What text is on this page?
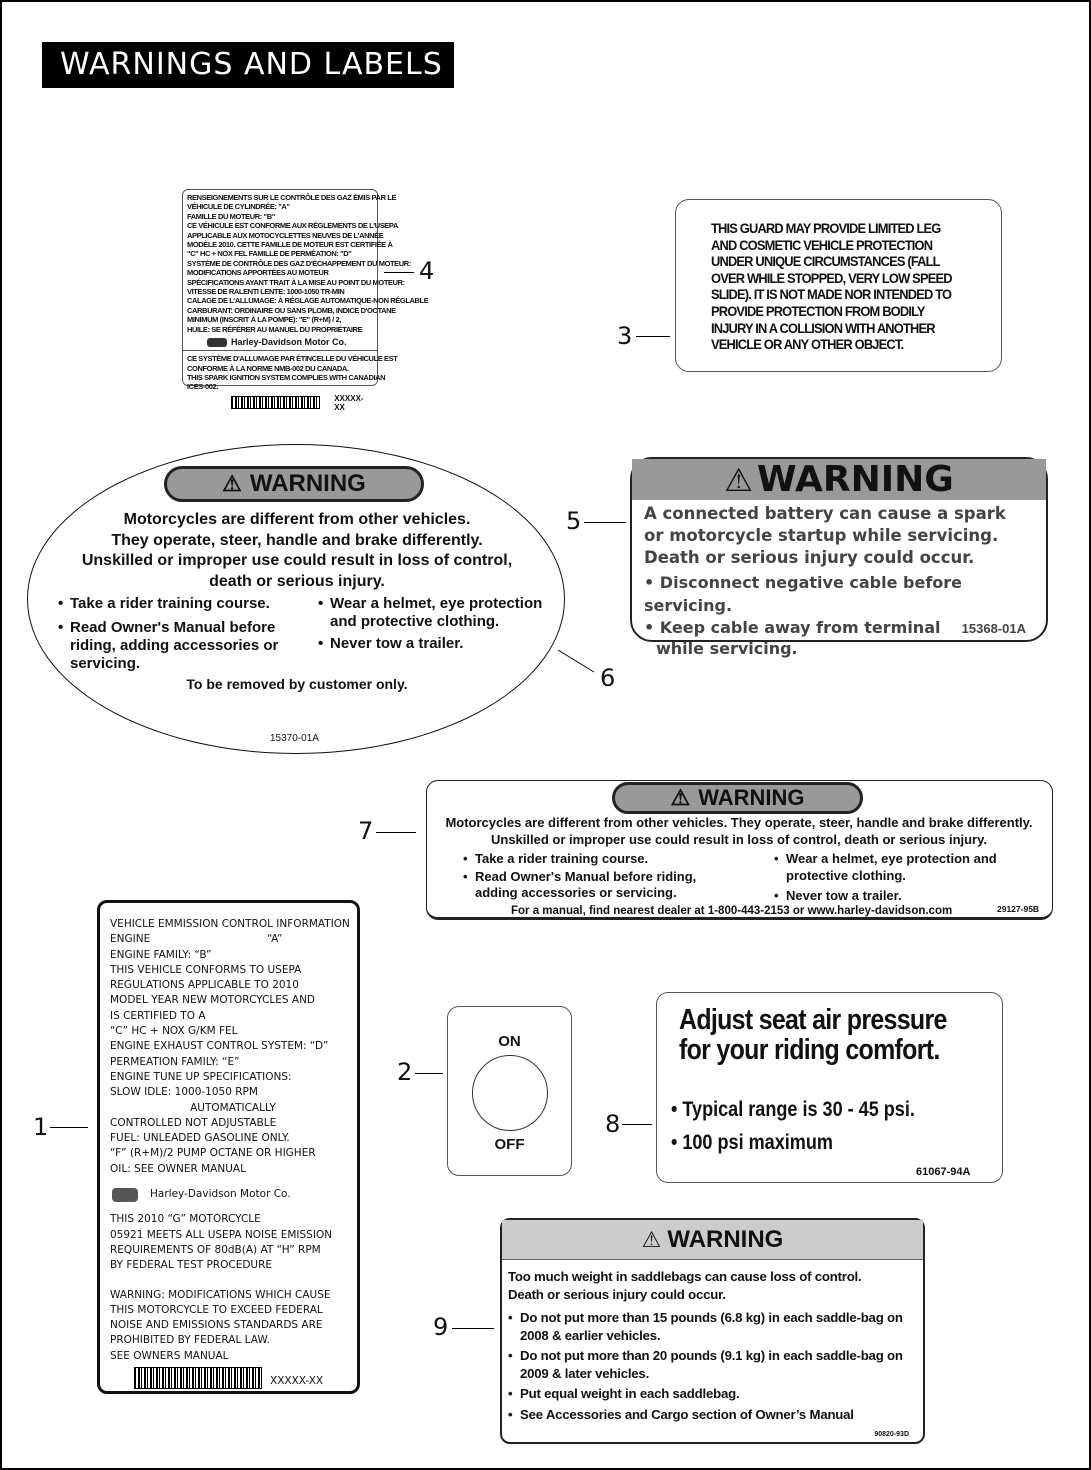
WARNINGS AND LABELS
1
2
3
4
5
6
7
8
9
RENSEIGNEMENTS SUR LE CONTRÔLE DES GAZ ÉMIS PAR LE
VÉHICULE DE CYLINDRÉE: "A"
FAMILLE DU MOTEUR: "B"
CE VÉHICULE EST CONFORME AUX RÈGLEMENTS DE L'USEPA
APPLICABLE AUX MOTOCYCLETTES NEUVES DE L'ANNÉE
MODÈLE 2010. CETTE FAMILLE DE MOTEUR EST CERTIFIÉE À
"C" HC + NOX FEL FAMILLE DE PERMÉATION: "D"
SYSTÈME DE CONTRÔLE DES GAZ D'ÉCHAPPEMENT DU MOTEUR:
MODIFICATIONS APPORTÉES AU MOTEUR
SPÉCIFICATIONS AYANT TRAIT À LA MISE AU POINT DU MOTEUR:
VITESSE DE RALENTI LENTE: 1000-1050 TR-MIN
CALAGE DE L'ALLUMAGE: À RÉGLAGE AUTOMATIQUE-NON RÉGLABLE
CARBURANT: ORDINAIRE OU SANS PLOMB, INDICE D'OCTANE
MINIMUM (INSCRIT À LA POMPE): "E" (R+M) / 2,
HUILE: SE RÉFÉRER AU MANUEL DU PROPRIÉTAIRE
Harley-Davidson Motor Co.
CE SYSTÈME D'ALLUMAGE PAR ÉTINCELLE DU VÉHICULE EST
CONFORME À LA NORME NMB-002 DU CANADA.
THIS SPARK IGNITION SYSTEM COMPLIES WITH CANADIAN
ICES-002.
XXXXX-XX
THIS GUARD MAY PROVIDE LIMITED LEG AND COSMETIC VEHICLE PROTECTION UNDER UNIQUE CIRCUMSTANCES (FALL OVER WHILE STOPPED, VERY LOW SPEED SLIDE). IT IS NOT MADE NOR INTENDED TO PROVIDE PROTECTION FROM BODILY INJURY IN A COLLISION WITH ANOTHER VEHICLE OR ANY OTHER OBJECT.
⚠ WARNING
Motorcycles are different from other vehicles.
They operate, steer, handle and brake differently.
Unskilled or improper use could result in loss of control,
death or serious injury.
• Take a rider training course.
• Read Owner's Manual before riding, adding accessories or servicing.
• Wear a helmet, eye protection and protective clothing.
• Never tow a trailer.
To be removed by customer only.
15370-01A
⚠ WARNING
A connected battery can cause a spark
or motorcycle startup while servicing.
Death or serious injury could occur.
• Disconnect negative cable before servicing.
• Keep cable away from terminal while servicing.
15368-01A
⚠ WARNING
Motorcycles are different from other vehicles. They operate, steer, handle and brake differently.
Unskilled or improper use could result in loss of control, death or serious injury.
• Take a rider training course.
• Read Owner's Manual before riding, adding accessories or servicing.
• Wear a helmet, eye protection and protective clothing.
• Never tow a trailer.
For a manual, find nearest dealer at 1-800-443-2153 or www.harley-davidson.com	29127-95B
VEHICLE EMMISSION CONTROL INFORMATION
ENGINE                                   “A”
ENGINE FAMILY: “B”
THIS VEHICLE CONFORMS TO USEPA
REGULATIONS APPLICABLE TO 2010
MODEL YEAR NEW MOTORCYCLES AND
IS CERTIFIED TO A
“C” HC + NOX G/KM FEL
ENGINE EXHAUST CONTROL SYSTEM: “D”
PERMEATION FAMILY: “E”
ENGINE TUNE UP SPECIFICATIONS:
SLOW IDLE: 1000-1050 RPM
AUTOMATICALLY
CONTROLLED NOT ADJUSTABLE
FUEL: UNLEADED GASOLINE ONLY.
“F” (R+M)/2 PUMP OCTANE OR HIGHER
OIL: SEE OWNER MANUAL
Harley-Davidson Motor Co.
THIS 2010 “G” MOTORCYCLE
05921 MEETS ALL USEPA NOISE EMISSION
REQUIREMENTS OF 80dB(A) AT “H” RPM
BY FEDERAL TEST PROCEDURE
WARNING: MODIFICATIONS WHICH CAUSE
THIS MOTORCYCLE TO EXCEED FEDERAL
NOISE AND EMISSIONS STANDARDS ARE
PROHIBITED BY FEDERAL LAW.
SEE OWNERS MANUAL
XXXXX-XX
ON
OFF
Adjust seat air pressure
for your riding comfort.
• Typical range is 30 - 45 psi.
• 100 psi maximum
61067-94A
⚠ WARNING
Too much weight in saddlebags can cause loss of control.
Death or serious injury could occur.
• Do not put more than 15 pounds (6.8 kg) in each saddle-bag on 2008 & earlier vehicles.
• Do not put more than 20 pounds (9.1 kg) in each saddle-bag on 2009 & later vehicles.
• Put equal weight in each saddlebag.
• See Accessories and Cargo section of Owner’s Manual
90820-93D
